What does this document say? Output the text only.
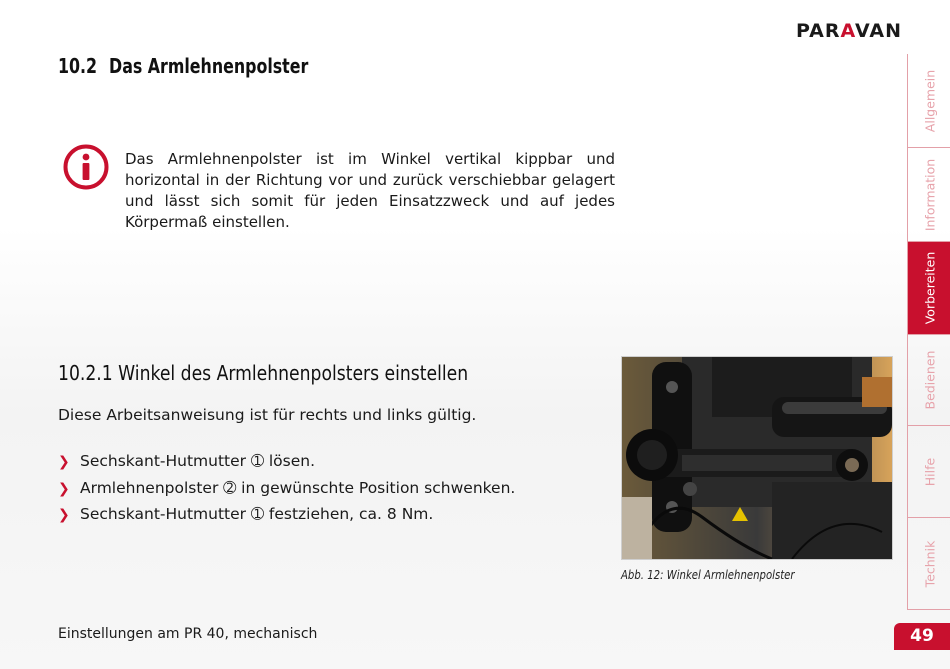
PARAVAN
10.2 Das Armlehnenpolster
Das Armlehnenpolster ist im Winkel vertikal kippbar und horizontal in der Richtung vor und zurück verschiebbar gelagert und lässt sich somit für jeden Einsatzzweck und auf jedes Körpermaß einstellen.
10.2.1 Winkel des Armlehnenpolsters einstellen
Diese Arbeitsanweisung ist für rechts und links gültig.
❯ Sechskant-Hutmutter ➀ lösen.
❯ Armlehnenpolster ➁ in gewünschte Position schwenken.
❯ Sechskant-Hutmutter ➀ festziehen, ca. 8 Nm.
Abb. 12: Winkel Armlehnenpolster
Einstellungen am PR 40, mechanisch
Allgemein
Information
Vorbereiten
Bedienen
Hilfe
Technik
49
